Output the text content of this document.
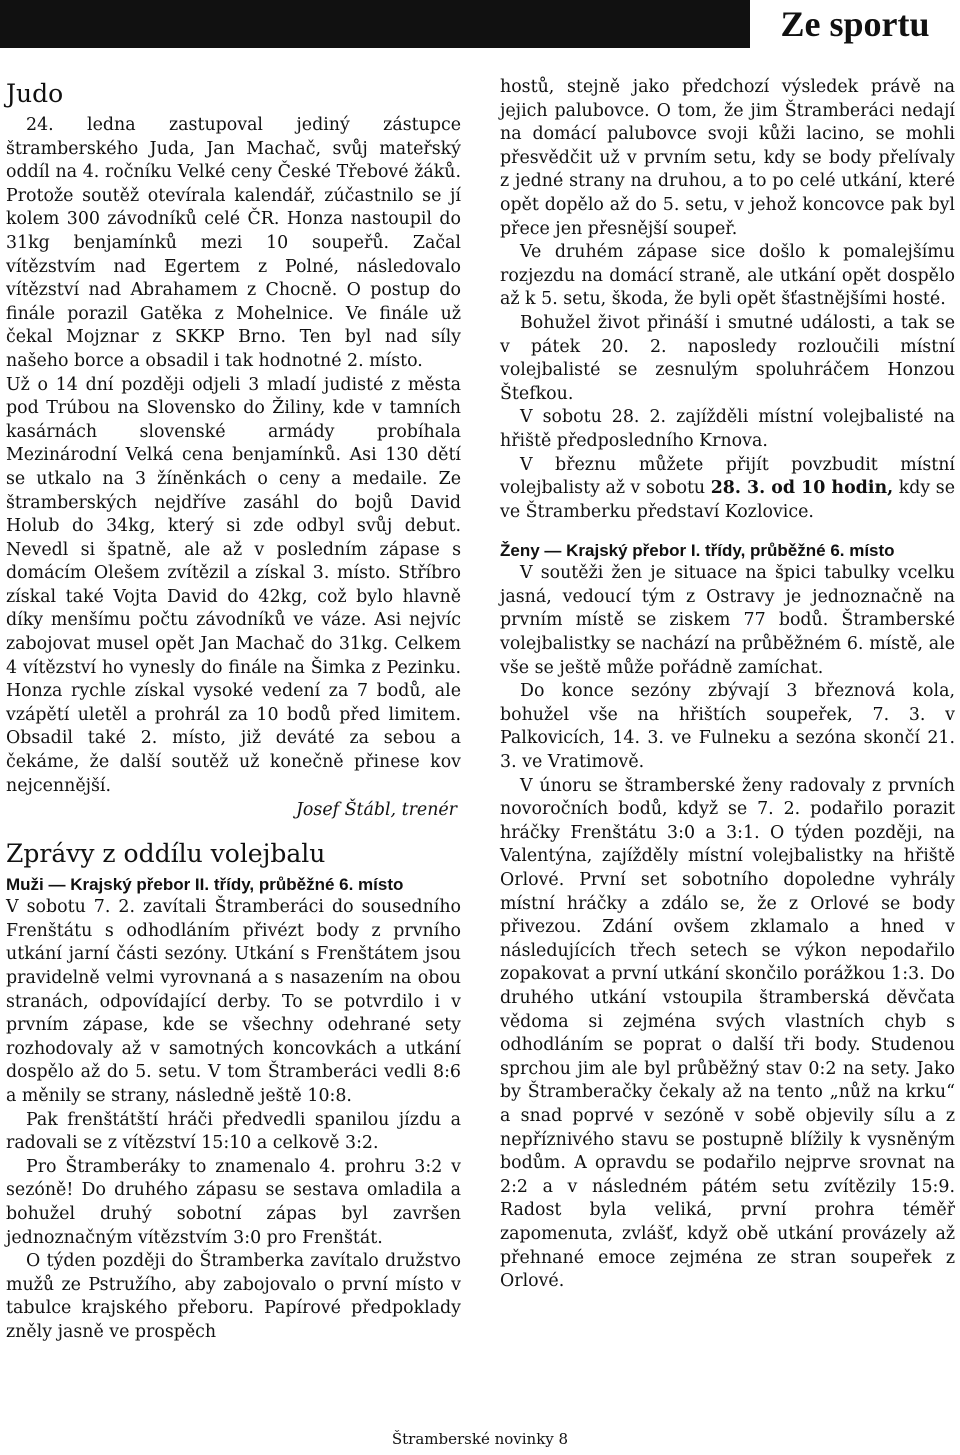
Ze sportu
Judo

24. ledna zastupoval jediný zástupce štramberského Juda, Jan Machač, svůj mateřský oddíl na 4. ročníku Velké ceny České Třebové žáků. Protože soutěž otevírala kalendář, zúčastnilo se jí kolem 300 závodníků celé ČR. Honza nastoupil do 31kg benjamínků mezi 10 soupeřů. Začal vítězstvím nad Egertem z Polné, následovalo vítězství nad Abrahamem z Chocně. O postup do finále porazil Gatěka z Mohelnice. Ve finále už čekal Mojznar z SKKP Brno. Ten byl nad síly našeho borce a obsadil i tak hodnotné 2. místo.

Už o 14 dní později odjeli 3 mladí judisté z města pod Trúbou na Slovensko do Žiliny, kde v tamních kasárnách slovenské armády probíhala Mezinárodní Velká cena benjamínků. Asi 130 dětí se utkalo na 3 žíněnkách o ceny a medaile. Ze štramberských nejdříve zasáhl do bojů David Holub do 34kg, který si zde odbyl svůj debut. Nevedl si špatně, ale až v posledním zápase s domácím Olešem zvítězil a získal 3. místo. Stříbro získal také Vojta David do 42kg, což bylo hlavně díky menšímu počtu závodníků ve váze. Asi nejvíc zabojovat musel opět Jan Machač do 31kg. Celkem 4 vítězství ho vynesly do finále na Šimka z Pezinku. Honza rychle získal vysoké vedení za 7 bodů, ale vzápětí uletěl a prohrál za 10 bodů před limitem. Obsadil také 2. místo, již deváté za sebou a čekáme, že další soutěž už konečně přinese kov nejcennější.

Josef Štábl, trenér
Zprávy z oddílu volejbalu
Muži — Krajský přebor II. třídy, průběžné 6. místo

V sobotu 7. 2. zavítali Štramberáci do sousedního Frenštátu s odhodláním přivézt body z prvního utkání jarní části sezóny. Utkání s Frenštátem jsou pravidelně velmi vyrovnaná a s nasazením na obou stranách, odpovídající derby. To se potvrdilo i v prvním zápase, kde se všechny odehrané sety rozhodovaly až v samotných koncovkách a utkání dospělo až do 5. setu. V tom Štramberáci vedli 8:6 a měnily se strany, následně ještě 10:8.

Pak frenštátští hráči předvedli spanilou jízdu a radovali se z vítězství 15:10 a celkově 3:2.

Pro Štramberáky to znamenalo 4. prohru 3:2 v sezóně! Do druhého zápasu se sestava omladila a bohužel druhý sobotní zápas byl završen jednoznačným vítězstvím 3:0 pro Frenštát.

O týden později do Štramberka zavítalo družstvo mužů ze Pstružího, aby zabojovalo o první místo v tabulce krajského přeboru. Papírové předpoklady zněly jasně ve prospěch

hostů, stejně jako předchozí výsledek právě na jejich palubovce. O tom, že jim Štramberáci nedají na domácí palubovce svoji kůži lacino, se mohli přesvědčit už v prvním setu, kdy se body přelívaly z jedné strany na druhou, a to po celé utkání, které opět dopělo až do 5. setu, v jehož koncovce pak byl přece jen přesnější soupeř.

Ve druhém zápase sice došlo k pomalejšímu rozjezdu na domácí straně, ale utkání opět dospělo až k 5. setu, škoda, že byli opět šťastnějšími hosté.

Bohužel život přináší i smutné události, a tak se v pátek 20. 2. naposledy rozloučili místní volejbalisté se zesnulým spoluhráčem Honzou Štefkou.

V sobotu 28. 2. zajížděli místní volejbalisté na hřiště předposledního Krnova.

V březnu můžete přijít povzbudit místní volejbalisty až v sobotu 28. 3. od 10 hodin, kdy se ve Štramberku představí Kozlovice.

Ženy — Krajský přebor I. třídy, průběžné 6. místo

V soutěži žen je situace na špici tabulky vcelku jasná, vedoucí tým z Ostravy je jednoznačně na prvním místě se ziskem 77 bodů. Štramberské volejbalistky se nachází na průběžném 6. místě, ale vše se ještě může pořádně zamíchat.

Do konce sezóny zbývají 3 březnová kola, bohužel vše na hřištích soupeřek, 7. 3. v Palkovicích, 14. 3. ve Fulneku a sezóna skončí 21. 3. ve Vratimově.

V únoru se štramberské ženy radovaly z prvních novoročních bodů, když se 7. 2. podařilo porazit hráčky Frenštátu 3:0 a 3:1. O týden později, na Valentýna, zajížděly místní volejbalistky na hřiště Orlové. První set sobotního dopoledne vyhrály místní hráčky a zdálo se, že z Orlové se body přivezou. Zdání ovšem zklamalo a hned v následujících třech setech se výkon nepodařilo zopakovat a první utkání skončilo porážkou 1:3. Do druhého utkání vstoupila štramberská děvčata vědoma si zejména svých vlastních chyb s odhodláním se poprat o další tři body. Studenou sprchou jim ale byl průběžný stav 0:2 na sety. Jako by Štramberačky čekaly až na tento „nůž na krku“ a snad poprvé v sezóně v sobě objevily sílu a z nepříznivého stavu se postupně blížily k vysněným bodům. A opravdu se podařilo nejprve srovnat na 2:2 a v následném pátém setu zvítězily 15:9. Radost byla veliká, první prohra téměř zapomenuta, zvlášť, když obě utkání provázely až přehnané emoce zejména ze stran soupeřek z Orlové.

Štramberské novinky 8
